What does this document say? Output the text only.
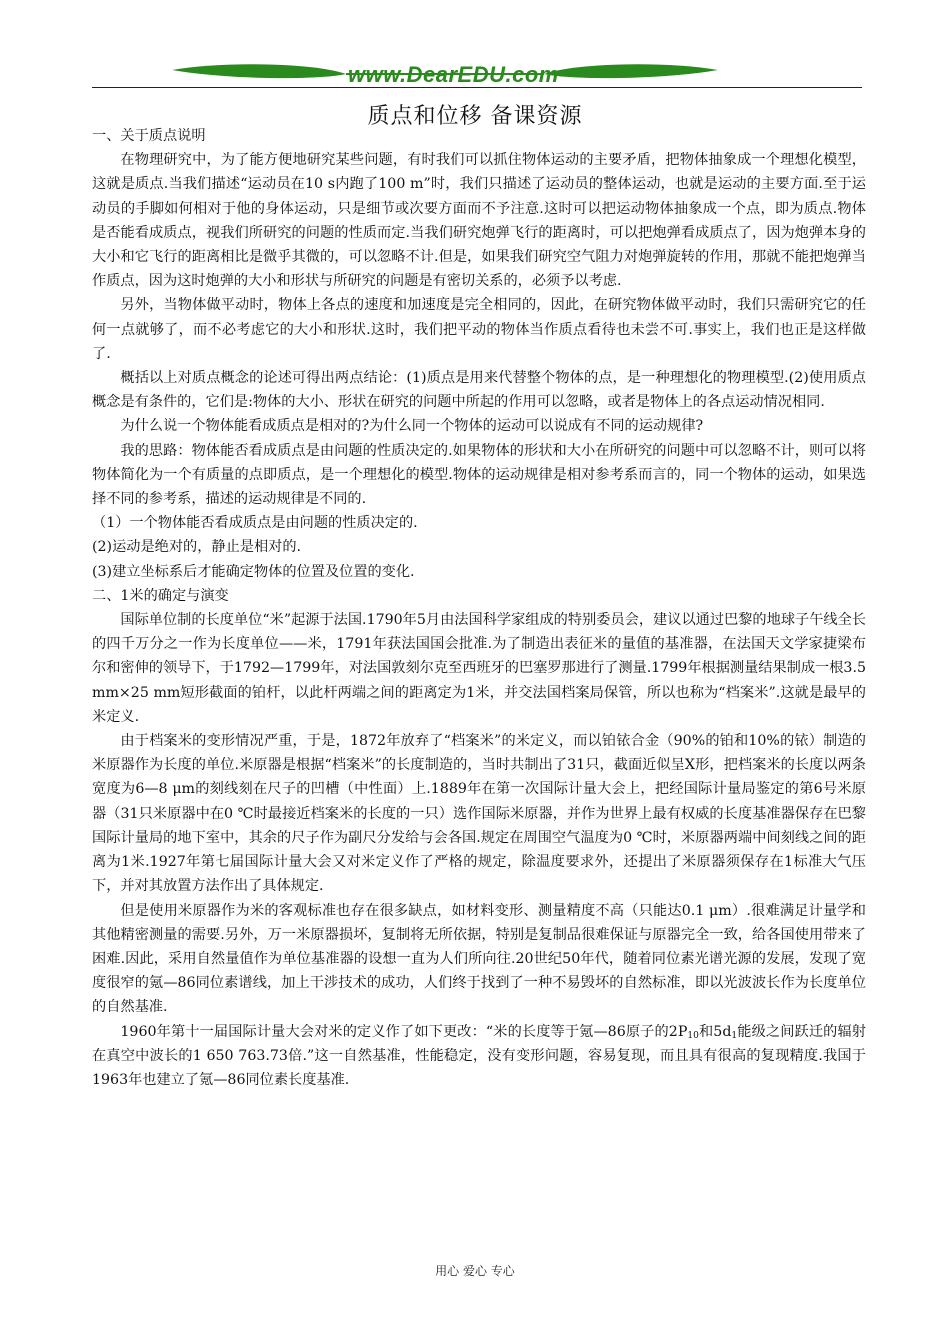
www.DearEDU.com
质点和位移 备课资源

一、关于质点说明

在物理研究中，为了能方便地研究某些问题，有时我们可以抓住物体运动的主要矛盾，把物体抽象成一个理想化模型，这就是质点.当我们描述“运动员在10 s内跑了100 m”时，我们只描述了运动员的整体运动，也就是运动的主要方面.至于运动员的手脚如何相对于他的身体运动，只是细节或次要方面而不予注意.这时可以把运动物体抽象成一个点，即为质点.物体是否能看成质点，视我们所研究的问题的性质而定.当我们研究炮弹飞行的距离时，可以把炮弹看成质点了，因为炮弹本身的大小和它飞行的距离相比是微乎其微的，可以忽略不计.但是，如果我们研究空气阻力对炮弹旋转的作用，那就不能把炮弹当作质点，因为这时炮弹的大小和形状与所研究的问题是有密切关系的，必须予以考虑.

另外，当物体做平动时，物体上各点的速度和加速度是完全相同的，因此，在研究物体做平动时，我们只需研究它的任何一点就够了，而不必考虑它的大小和形状.这时，我们把平动的物体当作质点看待也未尝不可.事实上，我们也正是这样做了.

概括以上对质点概念的论述可得出两点结论：(1)质点是用来代替整个物体的点，是一种理想化的物理模型.(2)使用质点概念是有条件的，它们是:物体的大小、形状在研究的问题中所起的作用可以忽略，或者是物体上的各点运动情况相同.

为什么说一个物体能看成质点是相对的?为什么同一个物体的运动可以说成有不同的运动规律?

我的思路：物体能否看成质点是由问题的性质决定的.如果物体的形状和大小在所研究的问题中可以忽略不计，则可以将物体简化为一个有质量的点即质点，是一个理想化的模型.物体的运动规律是相对参考系而言的，同一个物体的运动，如果选择不同的参考系，描述的运动规律是不同的.

（1）一个物体能否看成质点是由问题的性质决定的.

(2)运动是绝对的，静止是相对的.

(3)建立坐标系后才能确定物体的位置及位置的变化.

二、1米的确定与演变

国际单位制的长度单位“米”起源于法国.1790年5月由法国科学家组成的特别委员会，建议以通过巴黎的地球子午线全长的四千万分之一作为长度单位——米，1791年获法国国会批准.为了制造出表征米的量值的基准器，在法国天文学家捷梁布尔和密伸的领导下，于1792—1799年，对法国敦刻尔克至西班牙的巴塞罗那进行了测量.1799年根据测量结果制成一根3.5 mm×25 mm短形截面的铂杆，以此杆两端之间的距离定为1米，并交法国档案局保管，所以也称为“档案米”.这就是最早的米定义.

由于档案米的变形情况严重，于是，1872年放弃了“档案米”的米定义，而以铂铱合金（90%的铂和10%的铱）制造的米原器作为长度的单位.米原器是根据“档案米”的长度制造的，当时共制出了31只，截面近似呈X形，把档案米的长度以两条宽度为6—8 μm的刻线刻在尺子的凹槽（中性面）上.1889年在第一次国际计量大会上，把经国际计量局鉴定的第6号米原器（31只米原器中在0 ℃时最接近档案米的长度的一只）选作国际米原器，并作为世界上最有权威的长度基准器保存在巴黎国际计量局的地下室中，其余的尺子作为副尺分发给与会各国.规定在周围空气温度为0 ℃时，米原器两端中间刻线之间的距离为1米.1927年第七届国际计量大会又对米定义作了严格的规定，除温度要求外，还提出了米原器须保存在1标准大气压下，并对其放置方法作出了具体规定.

但是使用米原器作为米的客观标准也存在很多缺点，如材料变形、测量精度不高（只能达0.1 μm）.很难满足计量学和其他精密测量的需要.另外，万一米原器损坏，复制将无所依据，特别是复制品很难保证与原器完全一致，给各国使用带来了困难.因此，采用自然量值作为单位基准器的设想一直为人们所向往.20世纪50年代，随着同位素光谱光源的发展，发现了宽度很窄的氪—86同位素谱线，加上干涉技术的成功，人们终于找到了一种不易毁坏的自然标准，即以光波波长作为长度单位的自然基准.

1960年第十一届国际计量大会对米的定义作了如下更改：“米的长度等于氪—86原子的$2P_{10}$和$5d_1$能级之间跃迁的辐射在真空中波长的1 650 763.73倍.”这一自然基准，性能稳定，没有变形问题，容易复现，而且具有很高的复现精度.我国于1963年也建立了氪—86同位素长度基准.

用心 爱心 专心
